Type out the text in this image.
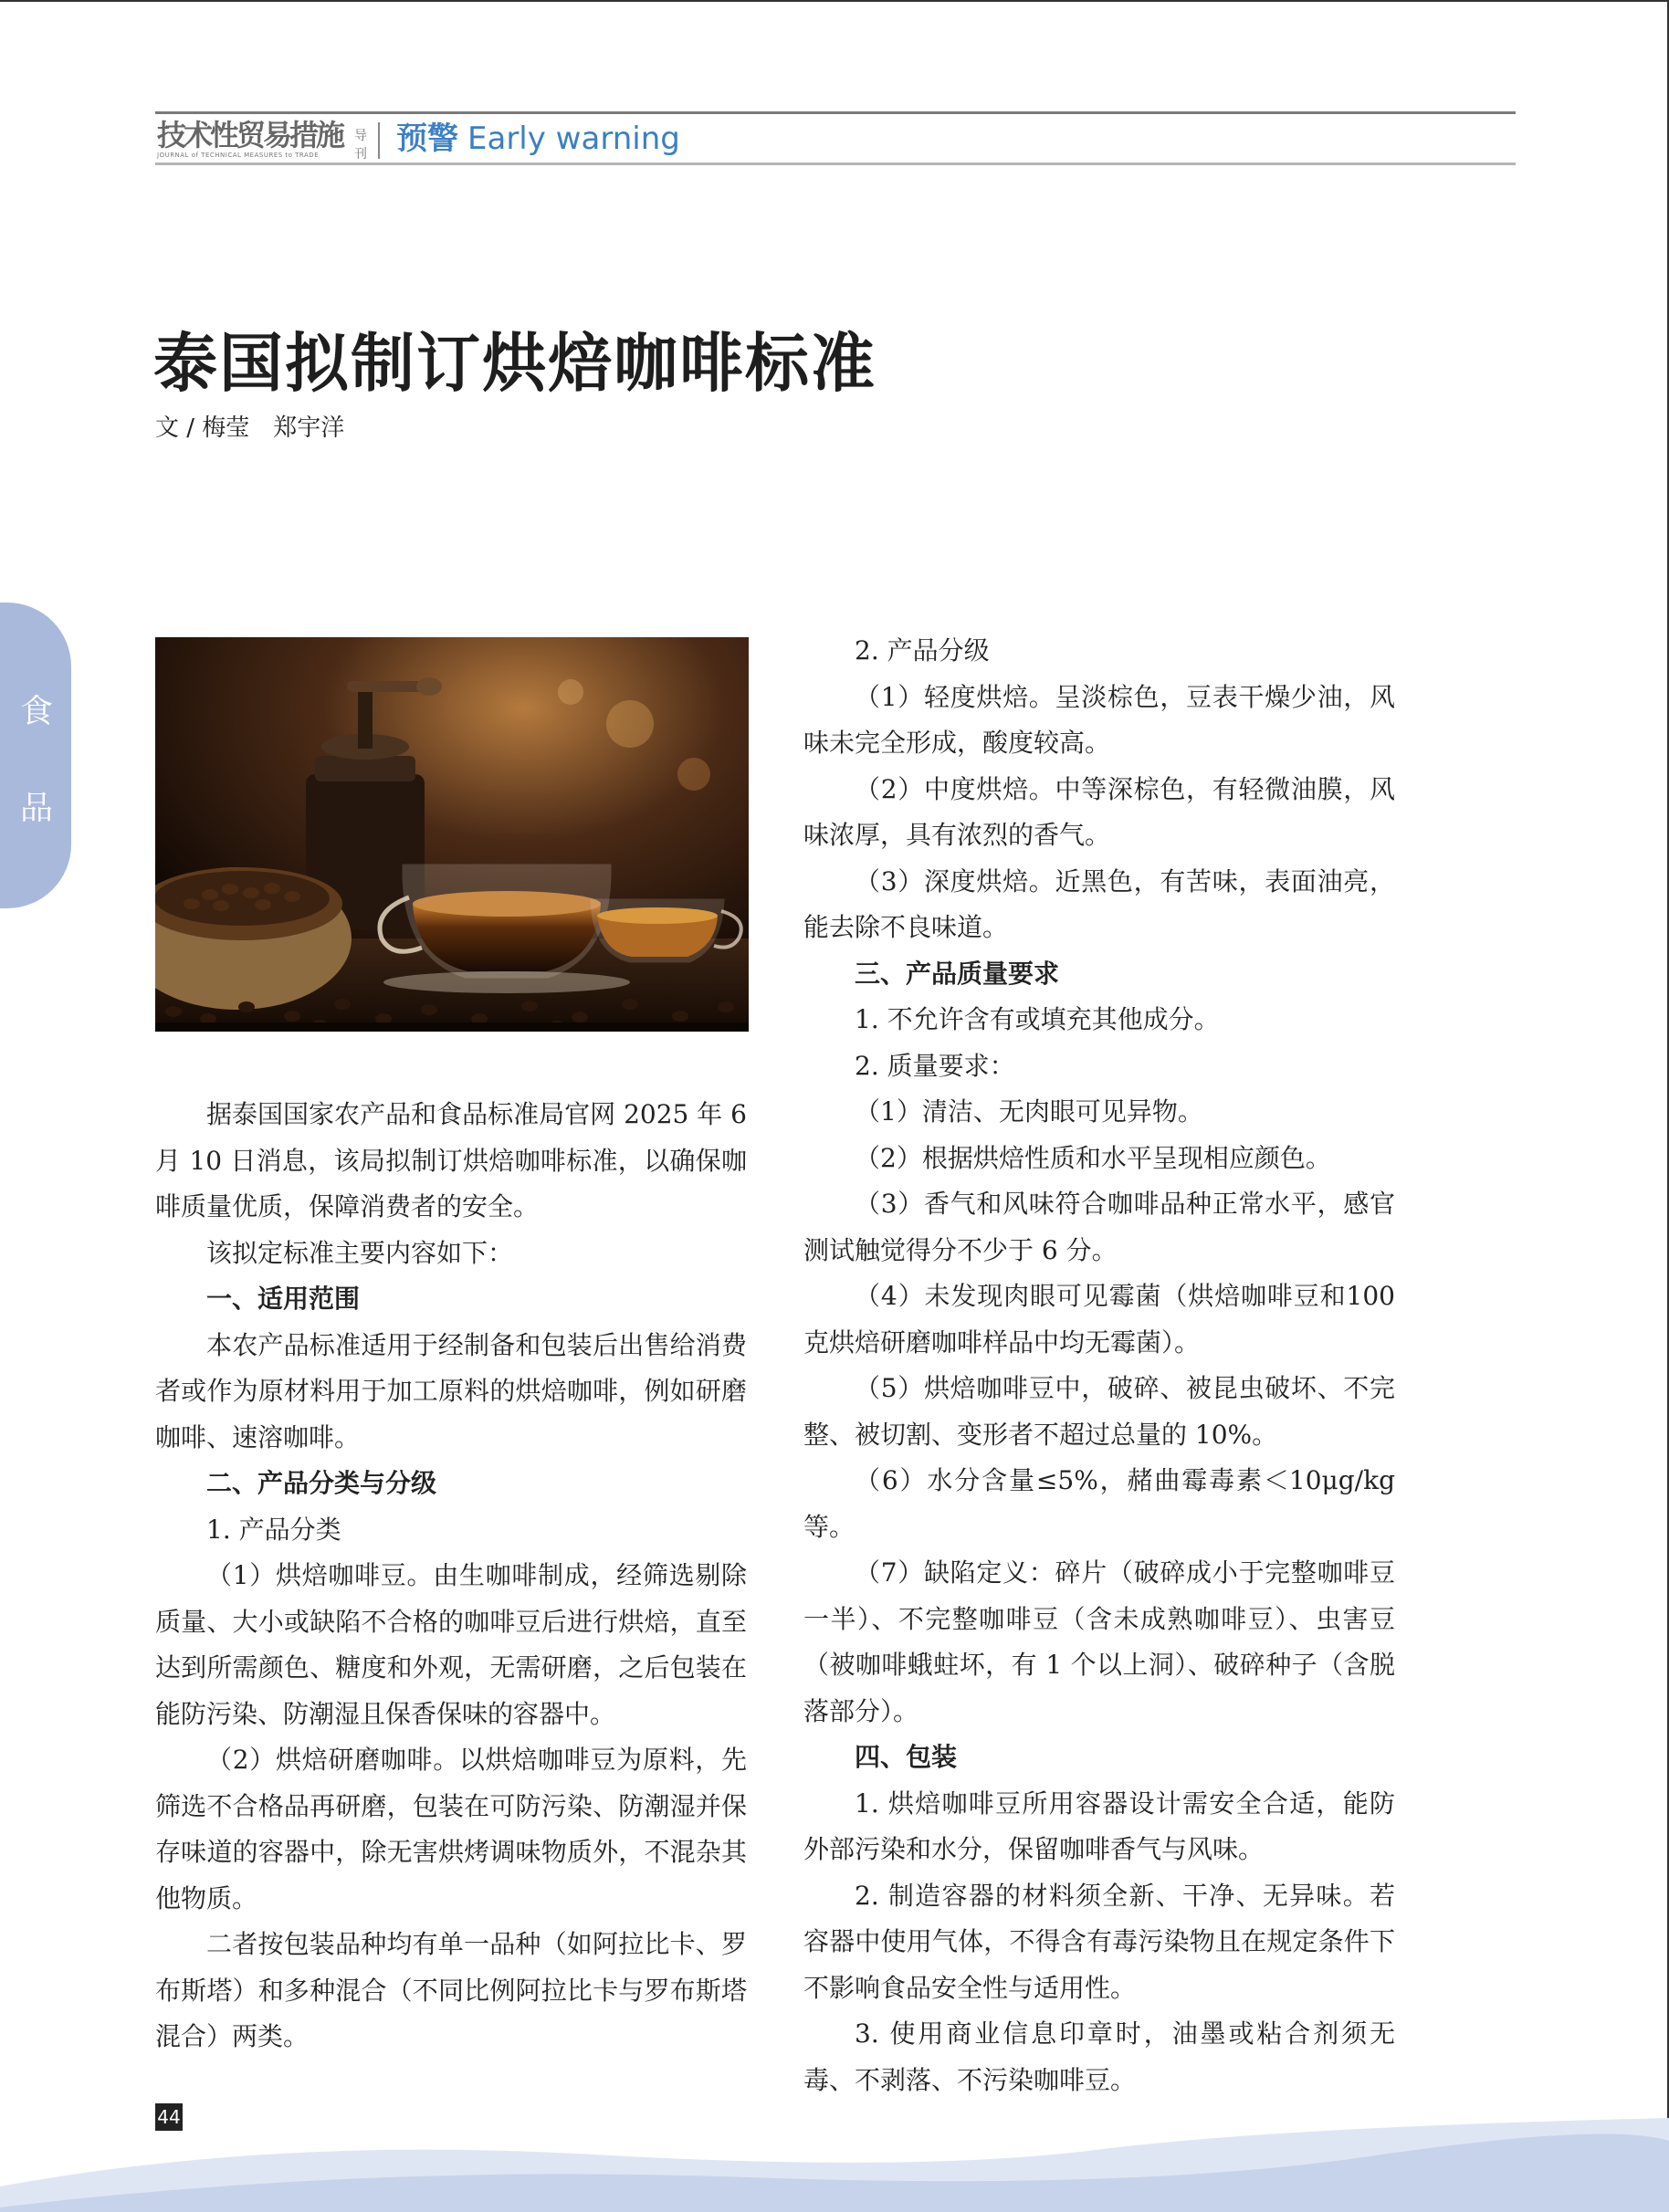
技术性贸易措施 导刊
JOURNAL of TECHNICAL MEASURES to TRADE	预警 Early warning
食
品
泰国拟制订烘焙咖啡标准
文 / 梅莹　郑宇洋

据泰国国家农产品和食品标准局官网 2025 年 6 月 10 日消息，该局拟制订烘焙咖啡标准，以确保咖啡质量优质，保障消费者的安全。

该拟定标准主要内容如下：

一、适用范围

本农产品标准适用于经制备和包装后出售给消费者或作为原材料用于加工原料的烘焙咖啡，例如研磨咖啡、速溶咖啡。

二、产品分类与分级

1. 产品分类

（1）烘焙咖啡豆。由生咖啡制成，经筛选剔除质量、大小或缺陷不合格的咖啡豆后进行烘焙，直至达到所需颜色、糖度和外观，无需研磨，之后包装在能防污染、防潮湿且保香保味的容器中。

（2）烘焙研磨咖啡。以烘焙咖啡豆为原料，先筛选不合格品再研磨，包装在可防污染、防潮湿并保存味道的容器中，除无害烘烤调味物质外，不混杂其他物质。

二者按包装品种均有单一品种（如阿拉比卡、罗布斯塔）和多种混合（不同比例阿拉比卡与罗布斯塔混合）两类。

2. 产品分级

（1）轻度烘焙。呈淡棕色，豆表干燥少油，风味未完全形成，酸度较高。

（2）中度烘焙。中等深棕色，有轻微油膜，风味浓厚，具有浓烈的香气。

（3）深度烘焙。近黑色，有苦味，表面油亮，能去除不良味道。

三、产品质量要求

1. 不允许含有或填充其他成分。

2. 质量要求：

（1）清洁、无肉眼可见异物。

（2）根据烘焙性质和水平呈现相应颜色。

（3）香气和风味符合咖啡品种正常水平，感官测试触觉得分不少于 6 分。

（4）未发现肉眼可见霉菌（烘焙咖啡豆和100克烘焙研磨咖啡样品中均无霉菌）。

（5）烘焙咖啡豆中，破碎、被昆虫破坏、不完整、被切割、变形者不超过总量的 10%。

（6）水分含量≤5%，赭曲霉毒素＜10μg/kg等。

（7）缺陷定义：碎片（破碎成小于完整咖啡豆一半）、不完整咖啡豆（含未成熟咖啡豆）、虫害豆（被咖啡蛾蛀坏，有 1 个以上洞）、破碎种子（含脱落部分）。

四、包装

1. 烘焙咖啡豆所用容器设计需安全合适，能防外部污染和水分，保留咖啡香气与风味。

2. 制造容器的材料须全新、干净、无异味。若容器中使用气体，不得含有毒污染物且在规定条件下不影响食品安全性与适用性。

3. 使用商业信息印章时，油墨或粘合剂须无毒、不剥落、不污染咖啡豆。

44
